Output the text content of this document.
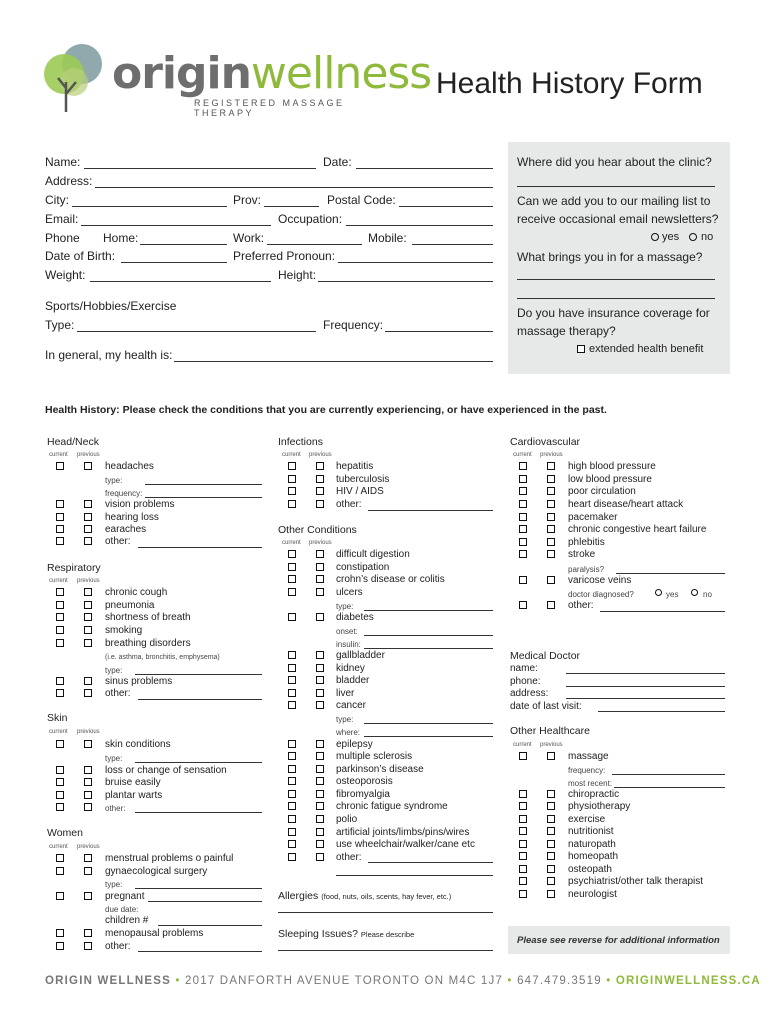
originwellness
REGISTERED MASSAGE THERAPY
Health History Form
Name:	Date:
Address:
City:	Prov:	Postal Code:
Email:	Occupation:
Phone Home:	Work:	Mobile:
Date of Birth:	Preferred Pronoun:
Weight:	Height:
Sports/Hobbies/Exercise
Type:	Frequency:
In general, my health is:
Where did you hear about the clinic?
Can we add you to our mailing list to
receive occasional email newsletters?
yes no
What brings you in for a massage?
Do you have insurance coverage for
massage therapy?
extended health benefit
Health History: Please check the conditions that you are currently experiencing, or have experienced in the past.
Head/Neck
current previous
headaches
type:
frequency:
vision problems
hearing loss
earaches
other:
Respiratory
current previous
chronic cough
pneumonia
shortness of breath
smoking
breathing disorders
(i.e. asthma, bronchitis, emphysema)
type:
sinus problems
other:
Skin
current previous
skin conditions
type:
loss or change of sensation
bruise easily
plantar warts
other:
Women
current previous
menstrual problems o painful
gynaecological surgery
type:
pregnant
due date:
children #
menopausal problems
other:
Infections
current previous
hepatitis
tuberculosis
HIV / AIDS
other:
Other Conditions
current previous
difficult digestion
constipation
crohn’s disease or colitis
ulcers
type:
diabetes
onset:
insulin:
gallbladder
kidney
bladder
liver
cancer
type:
where:
epilepsy
multiple sclerosis
parkinson’s disease
osteoporosis
fibromyalgia
chronic fatigue syndrome
polio
artificial joints/limbs/pins/wires
use wheelchair/walker/cane etc
other:
Allergies (food, nuts, oils, scents, hay fever, etc.)
Sleeping Issues? Please describe
Cardiovascular
current previous
high blood pressure
low blood pressure
poor circulation
heart disease/heart attack
pacemaker
chronic congestive heart failure
phlebitis
stroke
paralysis?
varicose veins
doctor diagnosed?	yes	no
other:
Medical Doctor
name:
phone:
address:
date of last visit:
Other Healthcare
current previous
massage
frequency:
most recent:
chiropractic
physiotherapy
exercise
nutritionist
naturopath
homeopath
osteopath
psychiatrist/other talk therapist
neurologist
Please see reverse for additional information
ORIGIN WELLNESS • 2017 DANFORTH AVENUE TORONTO ON M4C 1J7 • 647.479.3519 • ORIGINWELLNESS.CA
